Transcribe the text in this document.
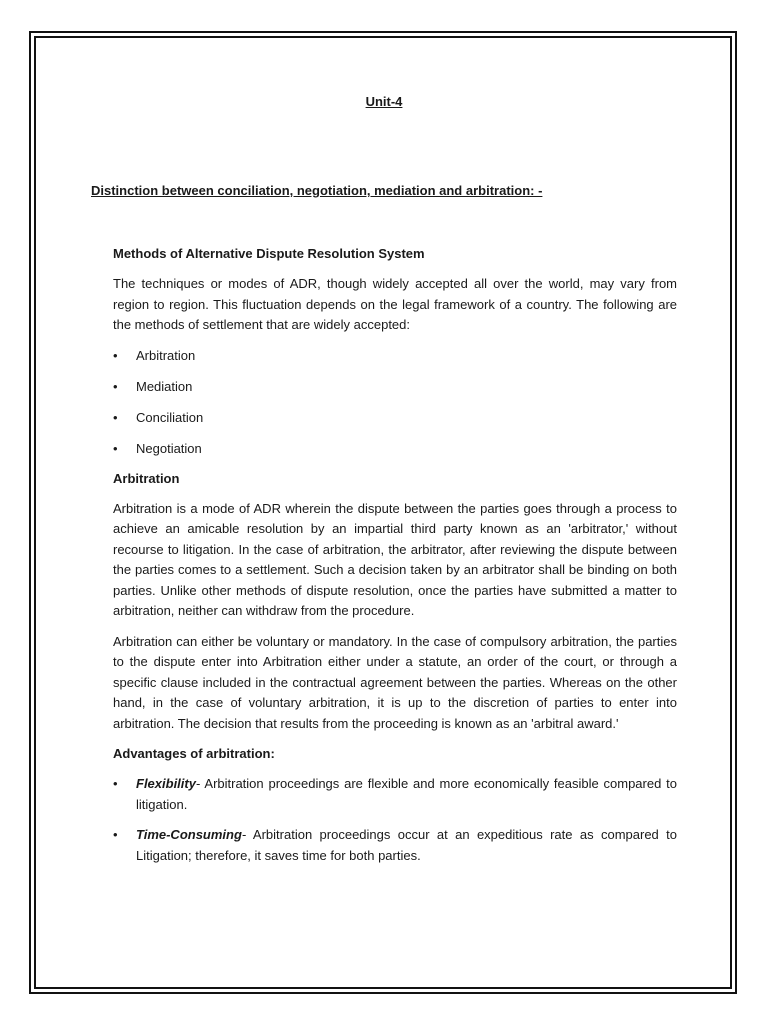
Unit-4
Distinction between conciliation, negotiation, mediation and arbitration: -
Methods of Alternative Dispute Resolution System

The techniques or modes of ADR, though widely accepted all over the world, may vary from region to region. This fluctuation depends on the legal framework of a country. The following are the methods of settlement that are widely accepted:

•	Arbitration
•	Mediation
•	Conciliation
•	Negotiation
Arbitration

Arbitration is a mode of ADR wherein the dispute between the parties goes through a process to achieve an amicable resolution by an impartial third party known as an 'arbitrator,' without recourse to litigation. In the case of arbitration, the arbitrator, after reviewing the dispute between the parties comes to a settlement. Such a decision taken by an arbitrator shall be binding on both parties. Unlike other methods of dispute resolution, once the parties have submitted a matter to arbitration, neither can withdraw from the procedure.

Arbitration can either be voluntary or mandatory. In the case of compulsory arbitration, the parties to the dispute enter into Arbitration either under a statute, an order of the court, or through a specific clause included in the contractual agreement between the parties. Whereas on the other hand, in the case of voluntary arbitration, it is up to the discretion of parties to enter into arbitration. The decision that results from the proceeding is known as an 'arbitral award.'

Advantages of arbitration:
•	Flexibility- Arbitration proceedings are flexible and more economically feasible compared to litigation.
•	Time-Consuming- Arbitration proceedings occur at an expeditious rate as compared to Litigation; therefore, it saves time for both parties.
